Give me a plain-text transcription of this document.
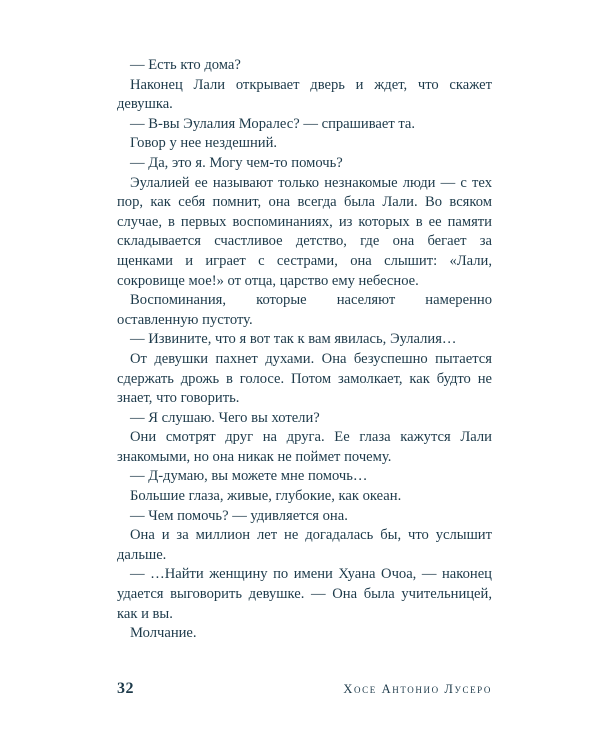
— Есть кто дома?

Наконец Лали открывает дверь и ждет, что скажет девушка.

— В-вы Эулалия Моралес? — спрашивает та.

Говор у нее нездешний.

— Да, это я. Могу чем-то помочь?

Эулалией ее называют только незнакомые люди — с тех пор, как себя помнит, она всегда была Лали. Во всяком случае, в первых воспоминаниях, из которых в ее памяти складывается счастливое детство, где она бегает за щенками и играет с сестрами, она слышит: «Лали, сокровище мое!» от отца, царство ему небесное.

Воспоминания, которые населяют намеренно оставленную пустоту.

— Извините, что я вот так к вам явилась, Эулалия…

От девушки пахнет духами. Она безуспешно пытается сдержать дрожь в голосе. Потом замолкает, как будто не знает, что говорить.

— Я слушаю. Чего вы хотели?

Они смотрят друг на друга. Ее глаза кажутся Лали знакомыми, но она никак не поймет почему.

— Д-думаю, вы можете мне помочь…

Большие глаза, живые, глубокие, как океан.

— Чем помочь? — удивляется она.

Она и за миллион лет не догадалась бы, что услышит дальше.

— …Найти женщину по имени Хуана Очоа, — наконец удается выговорить девушке. — Она была учительницей, как и вы.

Молчание.

32	Хосе Антонио Лусеро
